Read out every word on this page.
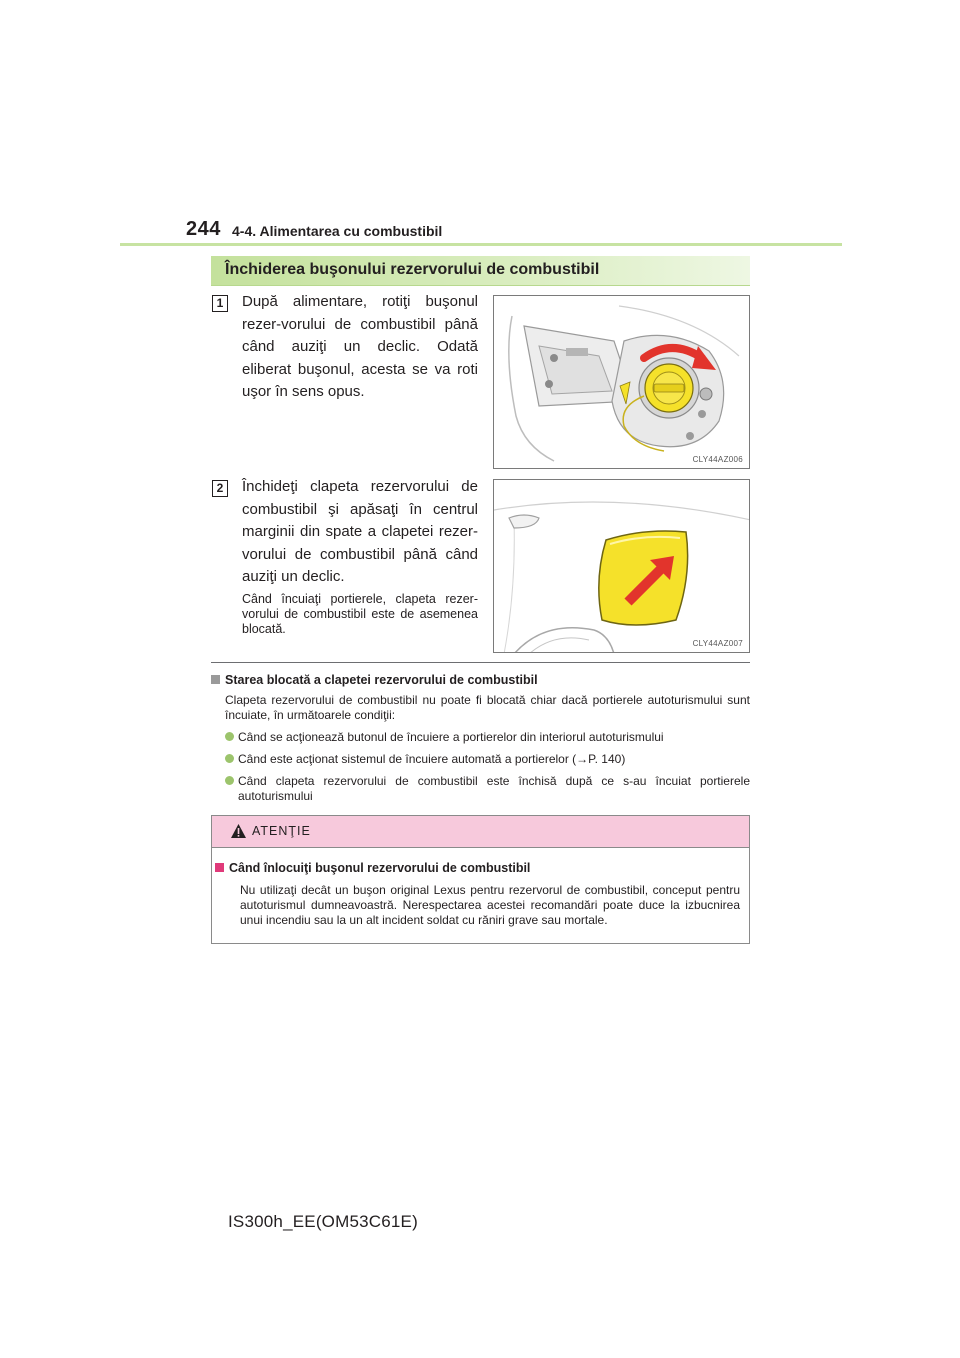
244 4-4. Alimentarea cu combustibil
Închiderea buşonului rezervorului de combustibil
1	După alimentare, rotiţi buşonul rezer-vorului de combustibil până când auziţi un declic. Odată eliberat buşonul, acesta se va roti uşor în sens opus.
CLY44AZ006
2	Închideţi clapeta rezervorului de combustibil şi apăsaţi în centrul marginii din spate a clapetei rezer-vorului de combustibil până când auziţi un declic.
Când încuiaţi portierele, clapeta rezer-vorului de combustibil este de asemenea blocată.
CLY44AZ007
Starea blocată a clapetei rezervorului de combustibil
Clapeta rezervorului de combustibil nu poate fi blocată chiar dacă portierele autoturismului sunt încuiate, în următoarele condiţii:
Când se acţionează butonul de încuiere a portierelor din interiorul autoturismului
Când este acţionat sistemul de încuiere automată a portierelor (→P. 140)
Când clapeta rezervorului de combustibil este închisă după ce s-au încuiat portierele autoturismului
ATENŢIE
Când înlocuiţi buşonul rezervorului de combustibil
Nu utilizaţi decât un buşon original Lexus pentru rezervorul de combustibil, conceput pentru autoturismul dumneavoastră. Nerespectarea acestei recomandări poate duce la izbucnirea unui incendiu sau la un alt incident soldat cu răniri grave sau mortale.
IS300h_EE(OM53C61E)
